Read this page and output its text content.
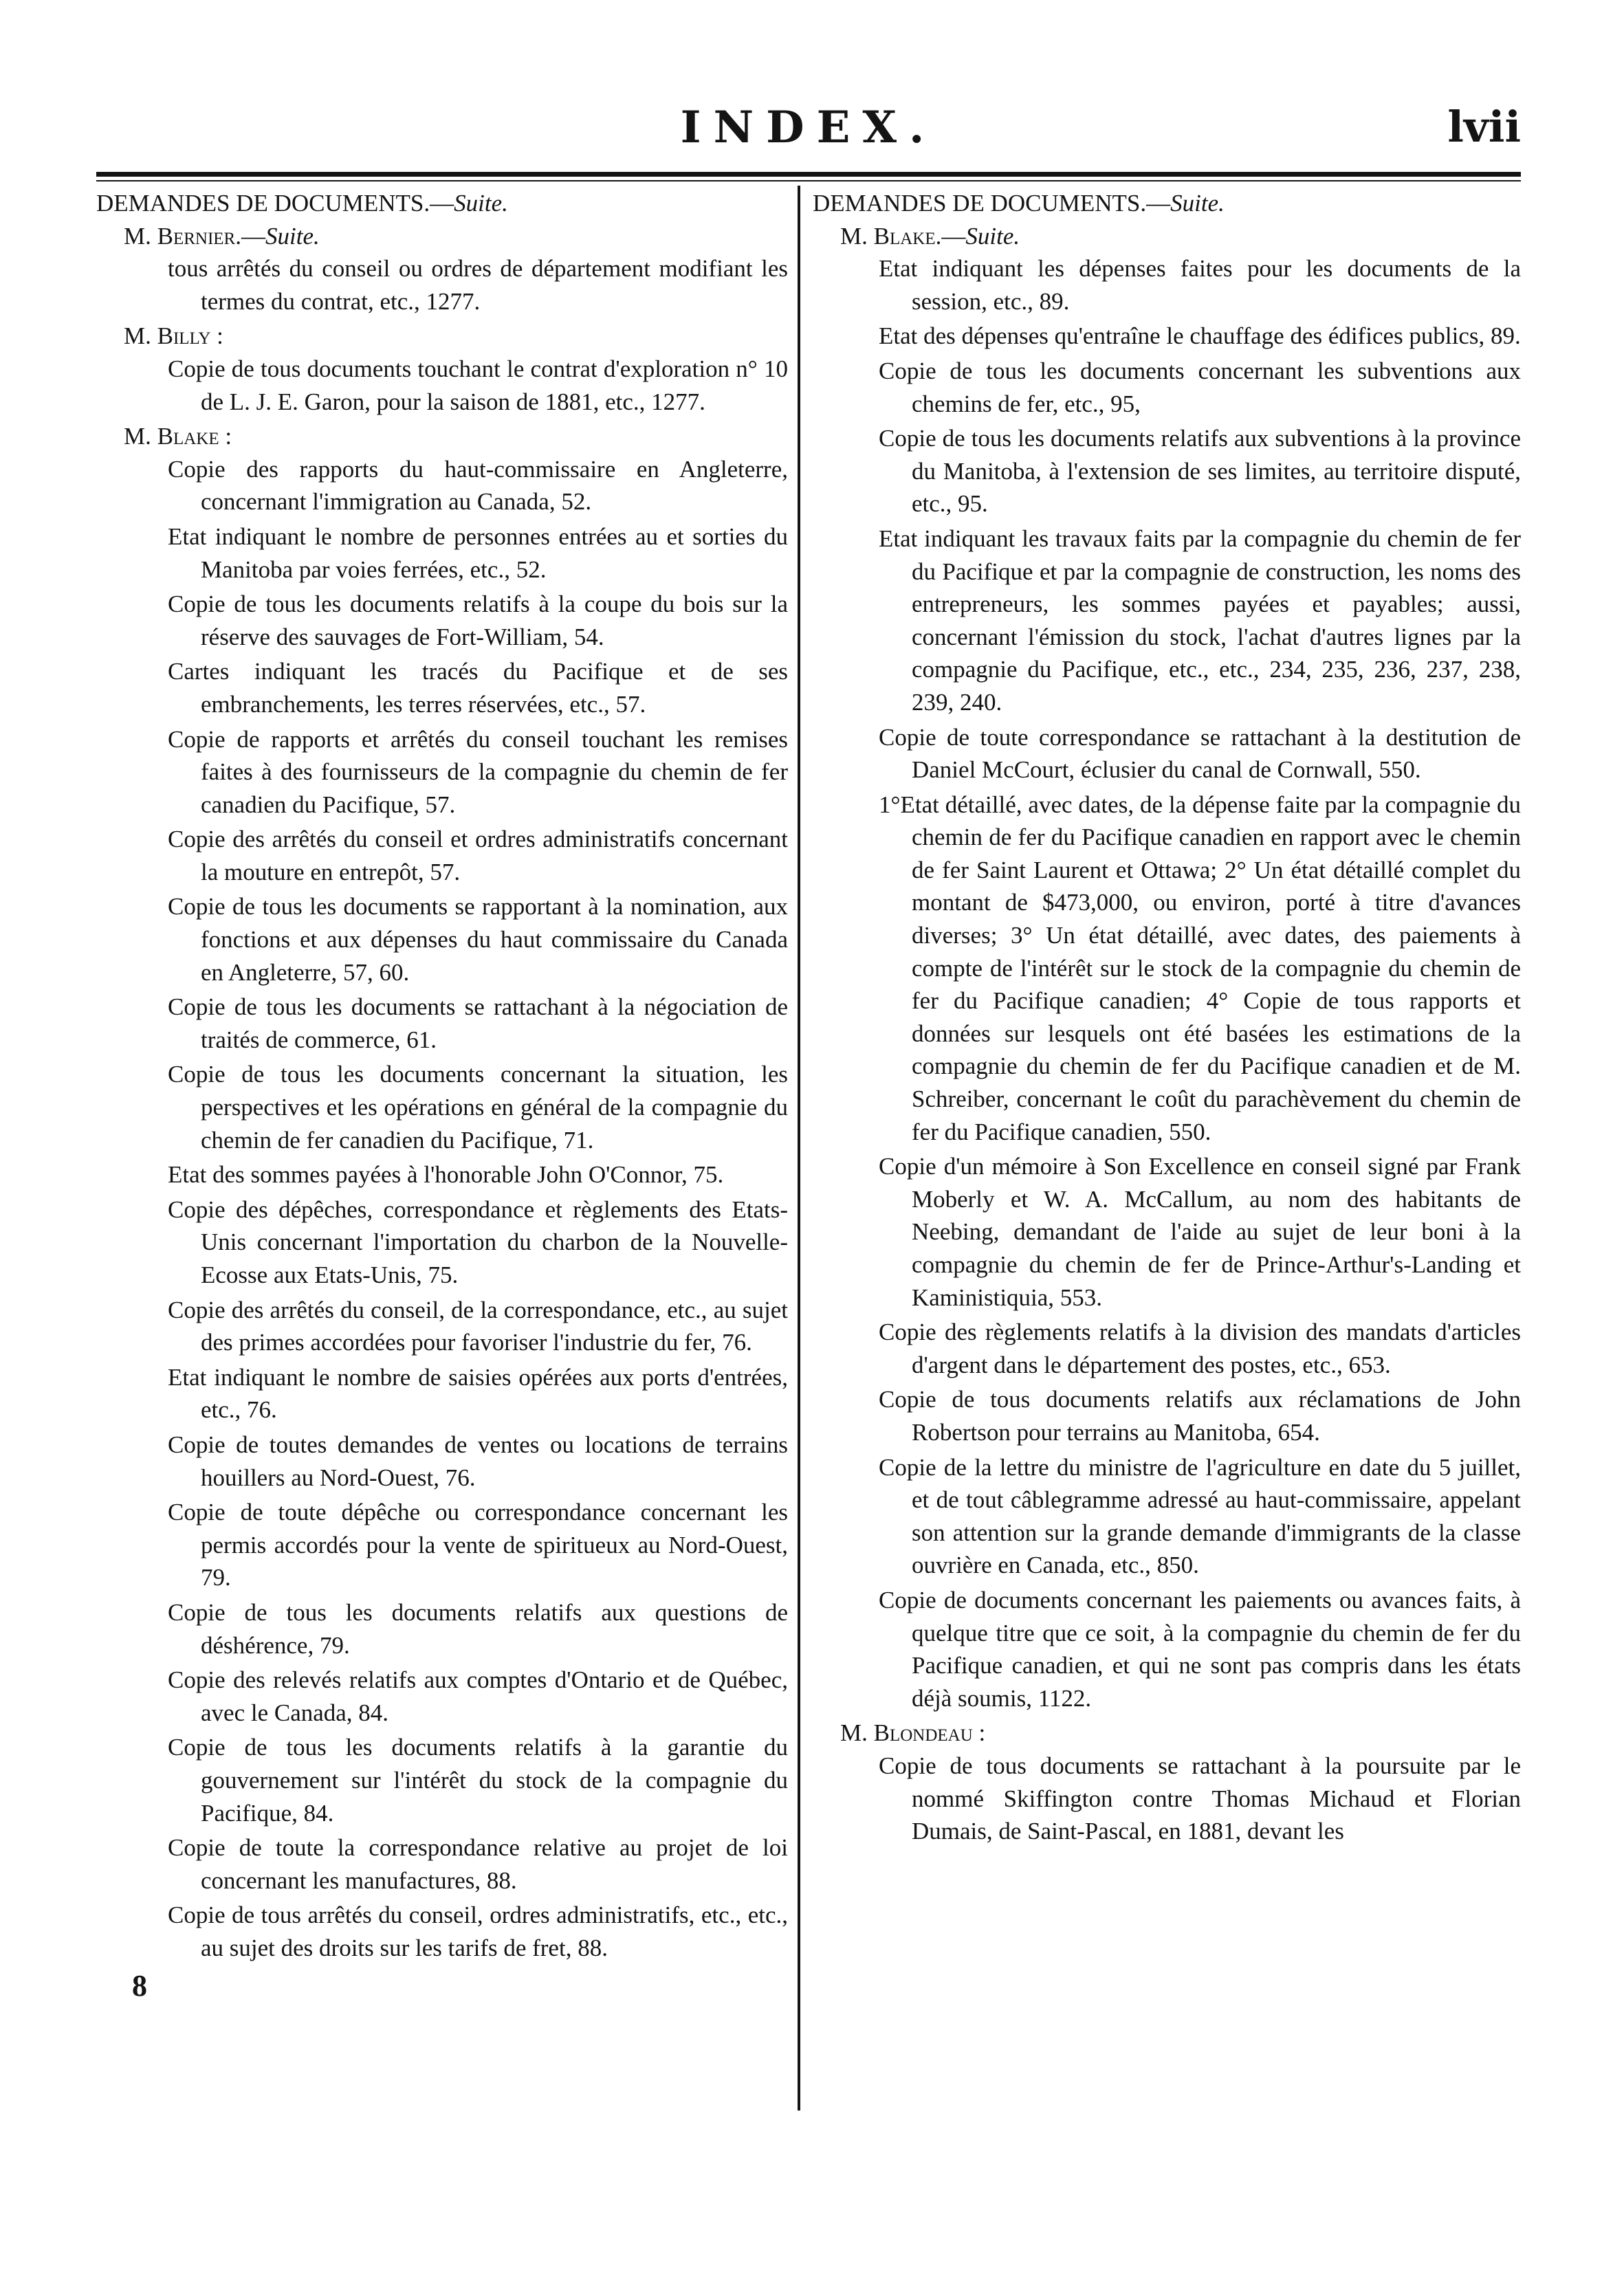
INDEX.	lvii

DEMANDES DE DOCUMENTS.—Suite.

M. Bernier.—Suite.

tous arrêtés du conseil ou ordres de département modifiant les termes du contrat, etc., 1277.

M. Billy :

Copie de tous documents touchant le contrat d'exploration n° 10 de L. J. E. Garon, pour la saison de 1881, etc., 1277.

M. Blake :

Copie des rapports du haut-commissaire en Angleterre, concernant l'immigration au Canada, 52.

Etat indiquant le nombre de personnes entrées au et sorties du Manitoba par voies ferrées, etc., 52.

Copie de tous les documents relatifs à la coupe du bois sur la réserve des sauvages de Fort-William, 54.

Cartes indiquant les tracés du Pacifique et de ses embranchements, les terres réservées, etc., 57.

Copie de rapports et arrêtés du conseil touchant les remises faites à des fournisseurs de la compagnie du chemin de fer canadien du Pacifique, 57.

Copie des arrêtés du conseil et ordres administratifs concernant la mouture en entrepôt, 57.

Copie de tous les documents se rapportant à la nomination, aux fonctions et aux dépenses du haut commissaire du Canada en Angleterre, 57, 60.

Copie de tous les documents se rattachant à la négociation de traités de commerce, 61.

Copie de tous les documents concernant la situation, les perspectives et les opérations en général de la compagnie du chemin de fer canadien du Pacifique, 71.

Etat des sommes payées à l'honorable John O'Connor, 75.

Copie des dépêches, correspondance et règlements des Etats-Unis concernant l'importation du charbon de la Nouvelle-Ecosse aux Etats-Unis, 75.

Copie des arrêtés du conseil, de la correspondance, etc., au sujet des primes accordées pour favoriser l'industrie du fer, 76.

Etat indiquant le nombre de saisies opérées aux ports d'entrées, etc., 76.

Copie de toutes demandes de ventes ou locations de terrains houillers au Nord-Ouest, 76.

Copie de toute dépêche ou correspondance concernant les permis accordés pour la vente de spiritueux au Nord-Ouest, 79.

Copie de tous les documents relatifs aux questions de déshérence, 79.

Copie des relevés relatifs aux comptes d'Ontario et de Québec, avec le Canada, 84.

Copie de tous les documents relatifs à la garantie du gouvernement sur l'intérêt du stock de la compagnie du Pacifique, 84.

Copie de toute la correspondance relative au projet de loi concernant les manufactures, 88.

Copie de tous arrêtés du conseil, ordres administratifs, etc., etc., au sujet des droits sur les tarifs de fret, 88.

8

DEMANDES DE DOCUMENTS.—Suite.

M. Blake.—Suite.

Etat indiquant les dépenses faites pour les documents de la session, etc., 89.

Etat des dépenses qu'entraîne le chauffage des édifices publics, 89.

Copie de tous les documents concernant les subventions aux chemins de fer, etc., 95,

Copie de tous les documents relatifs aux subventions à la province du Manitoba, à l'extension de ses limites, au territoire disputé, etc., 95.

Etat indiquant les travaux faits par la compagnie du chemin de fer du Pacifique et par la compagnie de construction, les noms des entrepreneurs, les sommes payées et payables; aussi, concernant l'émission du stock, l'achat d'autres lignes par la compagnie du Pacifique, etc., etc., 234, 235, 236, 237, 238, 239, 240.

Copie de toute correspondance se rattachant à la destitution de Daniel McCourt, éclusier du canal de Cornwall, 550.

1°Etat détaillé, avec dates, de la dépense faite par la compagnie du chemin de fer du Pacifique canadien en rapport avec le chemin de fer Saint Laurent et Ottawa; 2° Un état détaillé complet du montant de $473,000, ou environ, porté à titre d'avances diverses; 3° Un état détaillé, avec dates, des paiements à compte de l'intérêt sur le stock de la compagnie du chemin de fer du Pacifique canadien; 4° Copie de tous rapports et données sur lesquels ont été basées les estimations de la compagnie du chemin de fer du Pacifique canadien et de M. Schreiber, concernant le coût du parachèvement du chemin de fer du Pacifique canadien, 550.

Copie d'un mémoire à Son Excellence en conseil signé par Frank Moberly et W. A. McCallum, au nom des habitants de Neebing, demandant de l'aide au sujet de leur boni à la compagnie du chemin de fer de Prince-Arthur's-Landing et Kaministiquia, 553.

Copie des règlements relatifs à la division des mandats d'articles d'argent dans le département des postes, etc., 653.

Copie de tous documents relatifs aux réclamations de John Robertson pour terrains au Manitoba, 654.

Copie de la lettre du ministre de l'agriculture en date du 5 juillet, et de tout câblegramme adressé au haut-commissaire, appelant son attention sur la grande demande d'immigrants de la classe ouvrière en Canada, etc., 850.

Copie de documents concernant les paiements ou avances faits, à quelque titre que ce soit, à la compagnie du chemin de fer du Pacifique canadien, et qui ne sont pas compris dans les états déjà soumis, 1122.

M. Blondeau :

Copie de tous documents se rattachant à la poursuite par le nommé Skiffington contre Thomas Michaud et Florian Dumais, de Saint-Pascal, en 1881, devant les
